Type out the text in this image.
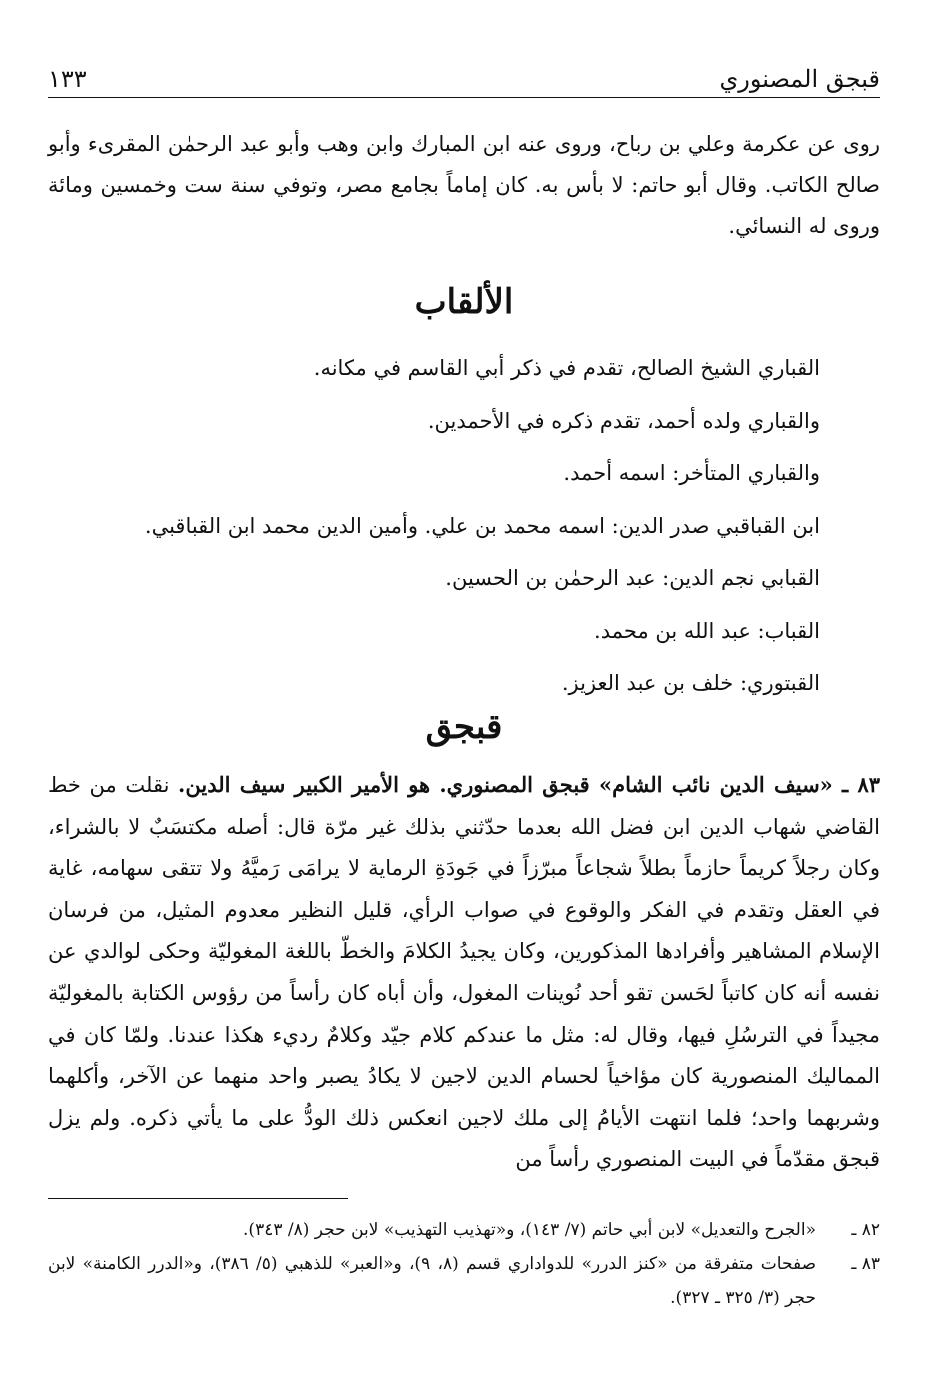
قبجق المصنوري
١٣٣
روى عن عكرمة وعلي بن رباح، وروى عنه ابن المبارك وابن وهب وأبو عبد الرحمٰن المقرىء وأبو صالح الكاتب. وقال أبو حاتم: لا بأس به. كان إماماً بجامع مصر، وتوفي سنة ست وخمسين ومائة وروى له النسائي.
الألقاب
القباري الشيخ الصالح، تقدم في ذكر أبي القاسم في مكانه.
والقباري ولده أحمد، تقدم ذكره في الأحمدين.
والقباري المتأخر: اسمه أحمد.
ابن القباقبي صدر الدين: اسمه محمد بن علي. وأمين الدين محمد ابن القباقبي.
القبابي نجم الدين: عبد الرحمٰن بن الحسين.
القباب: عبد الله بن محمد.
القبتوري: خلف بن عبد العزيز.
قبجق
٨٣ ـ «سيف الدين نائب الشام» قبجق المصنوري. هو الأمير الكبير سيف الدين. نقلت من خط القاضي شهاب الدين ابن فضل الله بعدما حدّثني بذلك غير مرّة قال: أصله مكتسَبٌ لا بالشراء، وكان رجلاً كريماً حازماً بطلاً شجاعاً مبرّزاً في جَودَةِ الرماية لا يرامَى رَميَّهُ ولا تتقى سهامه، غاية في العقل وتقدم في الفكر والوقوع في صواب الرأي، قليل النظير معدوم المثيل، من فرسان الإسلام المشاهير وأفرادها المذكورين، وكان يجيدُ الكلامَ والخطّ باللغة المغوليّة وحكى لوالدي عن نفسه أنه كان كاتباً لحَسن تقو أحد نُوينات المغول، وأن أباه كان رأساً من رؤوس الكتابة بالمغوليّة مجيداً في الترسُلِ فيها، وقال له: مثل ما عندكم كلام جيّد وكلامٌ رديء هكذا عندنا. ولمّا كان في المماليك المنصورية كان مؤاخياً لحسام الدين لاجين لا يكادُ يصبر واحد منهما عن الآخر، وأكلهما وشربهما واحد؛ فلما انتهت الأيامُ إلى ملك لاجين انعكس ذلك الودُّ على ما يأتي ذكره. ولم يزل قبجق مقدّماً في البيت المنصوري رأساً من
٨٢ ـ
«الجرح والتعديل» لابن أبي حاتم (٧/ ١٤٣)، و«تهذيب التهذيب» لابن حجر (٨/ ٣٤٣).
٨٣ ـ
صفحات متفرقة من «كنز الدرر» للدواداري قسم (٨، ٩)، و«العبر» للذهبي (٥/ ٣٨٦)، و«الدرر الكامنة» لابن حجر (٣/ ٣٢٥ ـ ٣٢٧).
